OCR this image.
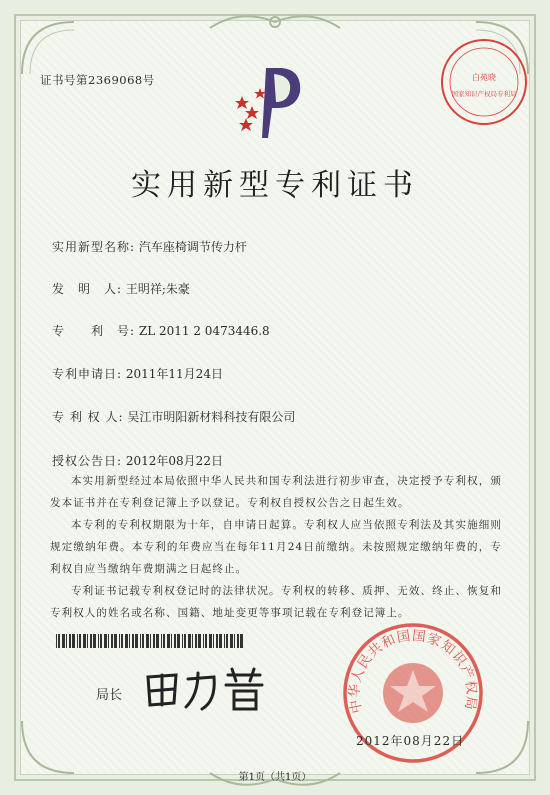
证书号第2369068号	白苑晓
国家知识产权局专利局
实用新型专利证书
实用新型名称: 汽车座椅调节传力杆
发　明　人: 王明祥;朱豪
专　　利　号: ZL 2011 2 0473446.8
专利申请日: 2011年11月24日
专 利 权 人: 吴江市明阳新材料科技有限公司
授权公告日: 2012年08月22日
本实用新型经过本局依照中华人民共和国专利法进行初步审查，决定授予专利权，颁发本证书并在专利登记簿上予以登记。专利权自授权公告之日起生效。
本专利的专利权期限为十年，自申请日起算。专利权人应当依照专利法及其实施细则规定缴纳年费。本专利的年费应当在每年11月24日前缴纳。未按照规定缴纳年费的，专利权自应当缴纳年费期满之日起终止。
专利证书记载专利权登记时的法律状况。专利权的转移、质押、无效、终止、恢复和专利权人的姓名或名称、国籍、地址变更等事项记载在专利登记簿上。
局长
中华人民共和国国家知识产权局
2012年08月22日
第1页（共1页）
